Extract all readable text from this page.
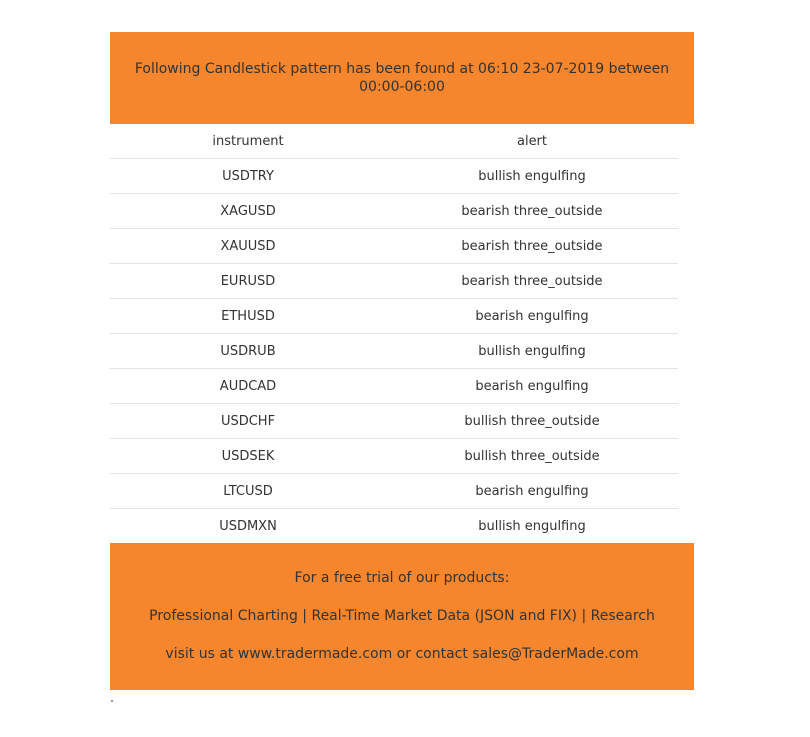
Following Candlestick pattern has been found at 06:10 23-07-2019 between 00:00-06:00
instrument	alert
USDTRY	bullish engulfing
XAGUSD	bearish three_outside
XAUUSD	bearish three_outside
EURUSD	bearish three_outside
ETHUSD	bearish engulfing
USDRUB	bullish engulfing
AUDCAD	bearish engulfing
USDCHF	bullish three_outside
USDSEK	bullish three_outside
LTCUSD	bearish engulfing
USDMXN	bullish engulfing
For a free trial of our products:
Professional Charting | Real-Time Market Data (JSON and FIX) | Research
visit us at www.tradermade.com or contact sales@TraderMade.com
